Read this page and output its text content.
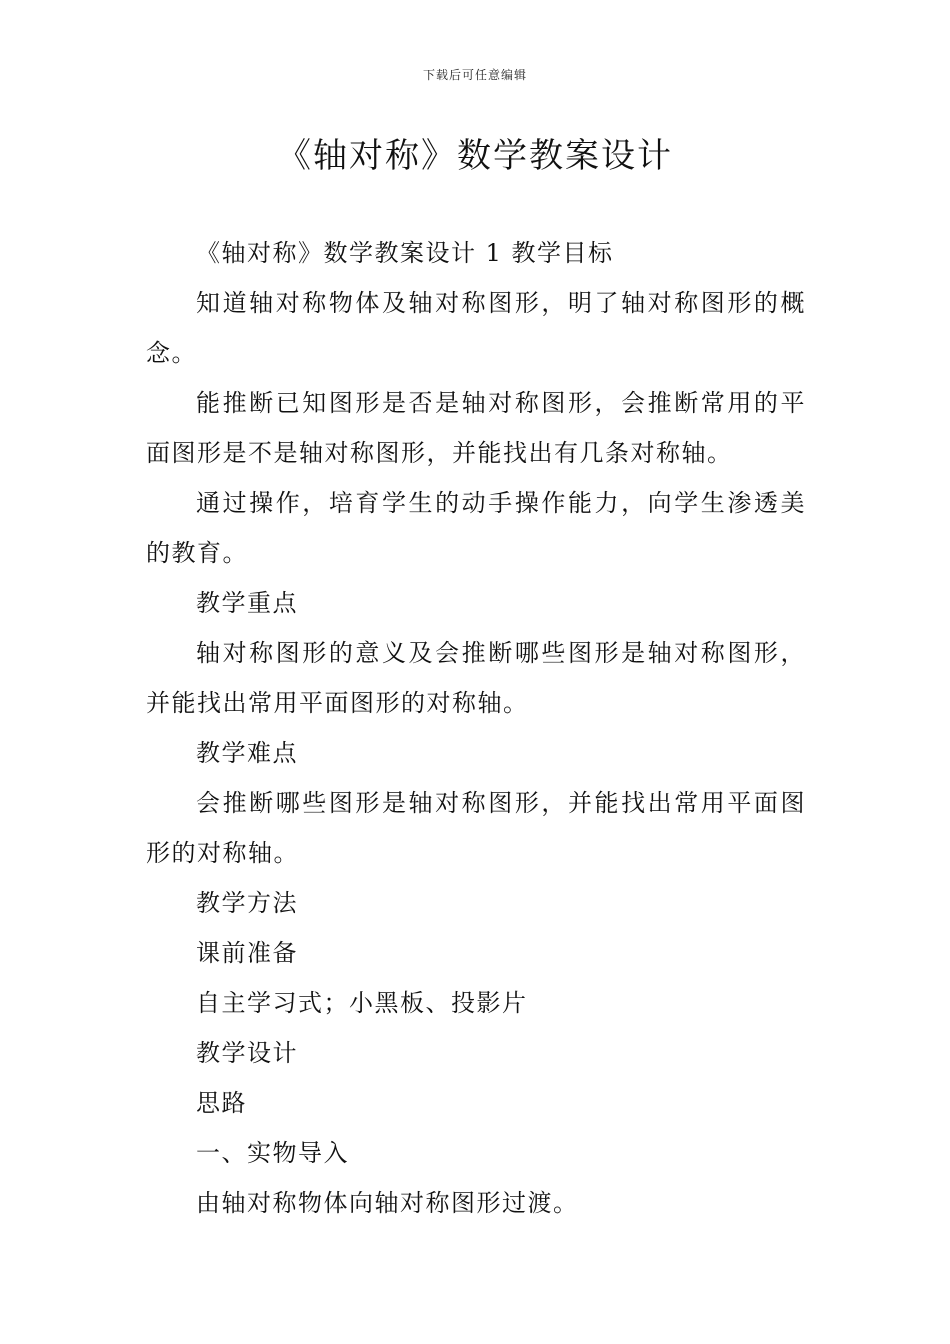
下载后可任意编辑
《轴对称》数学教案设计

《轴对称》数学教案设计 1 教学目标

知道轴对称物体及轴对称图形，明了轴对称图形的概念。

能推断已知图形是否是轴对称图形，会推断常用的平面图形是不是轴对称图形，并能找出有几条对称轴。

通过操作，培育学生的动手操作能力，向学生渗透美的教育。

教学重点

轴对称图形的意义及会推断哪些图形是轴对称图形，并能找出常用平面图形的对称轴。

教学难点

会推断哪些图形是轴对称图形，并能找出常用平面图形的对称轴。

教学方法

课前准备

自主学习式；小黑板、投影片

教学设计

思路

一、实物导入

由轴对称物体向轴对称图形过渡。
